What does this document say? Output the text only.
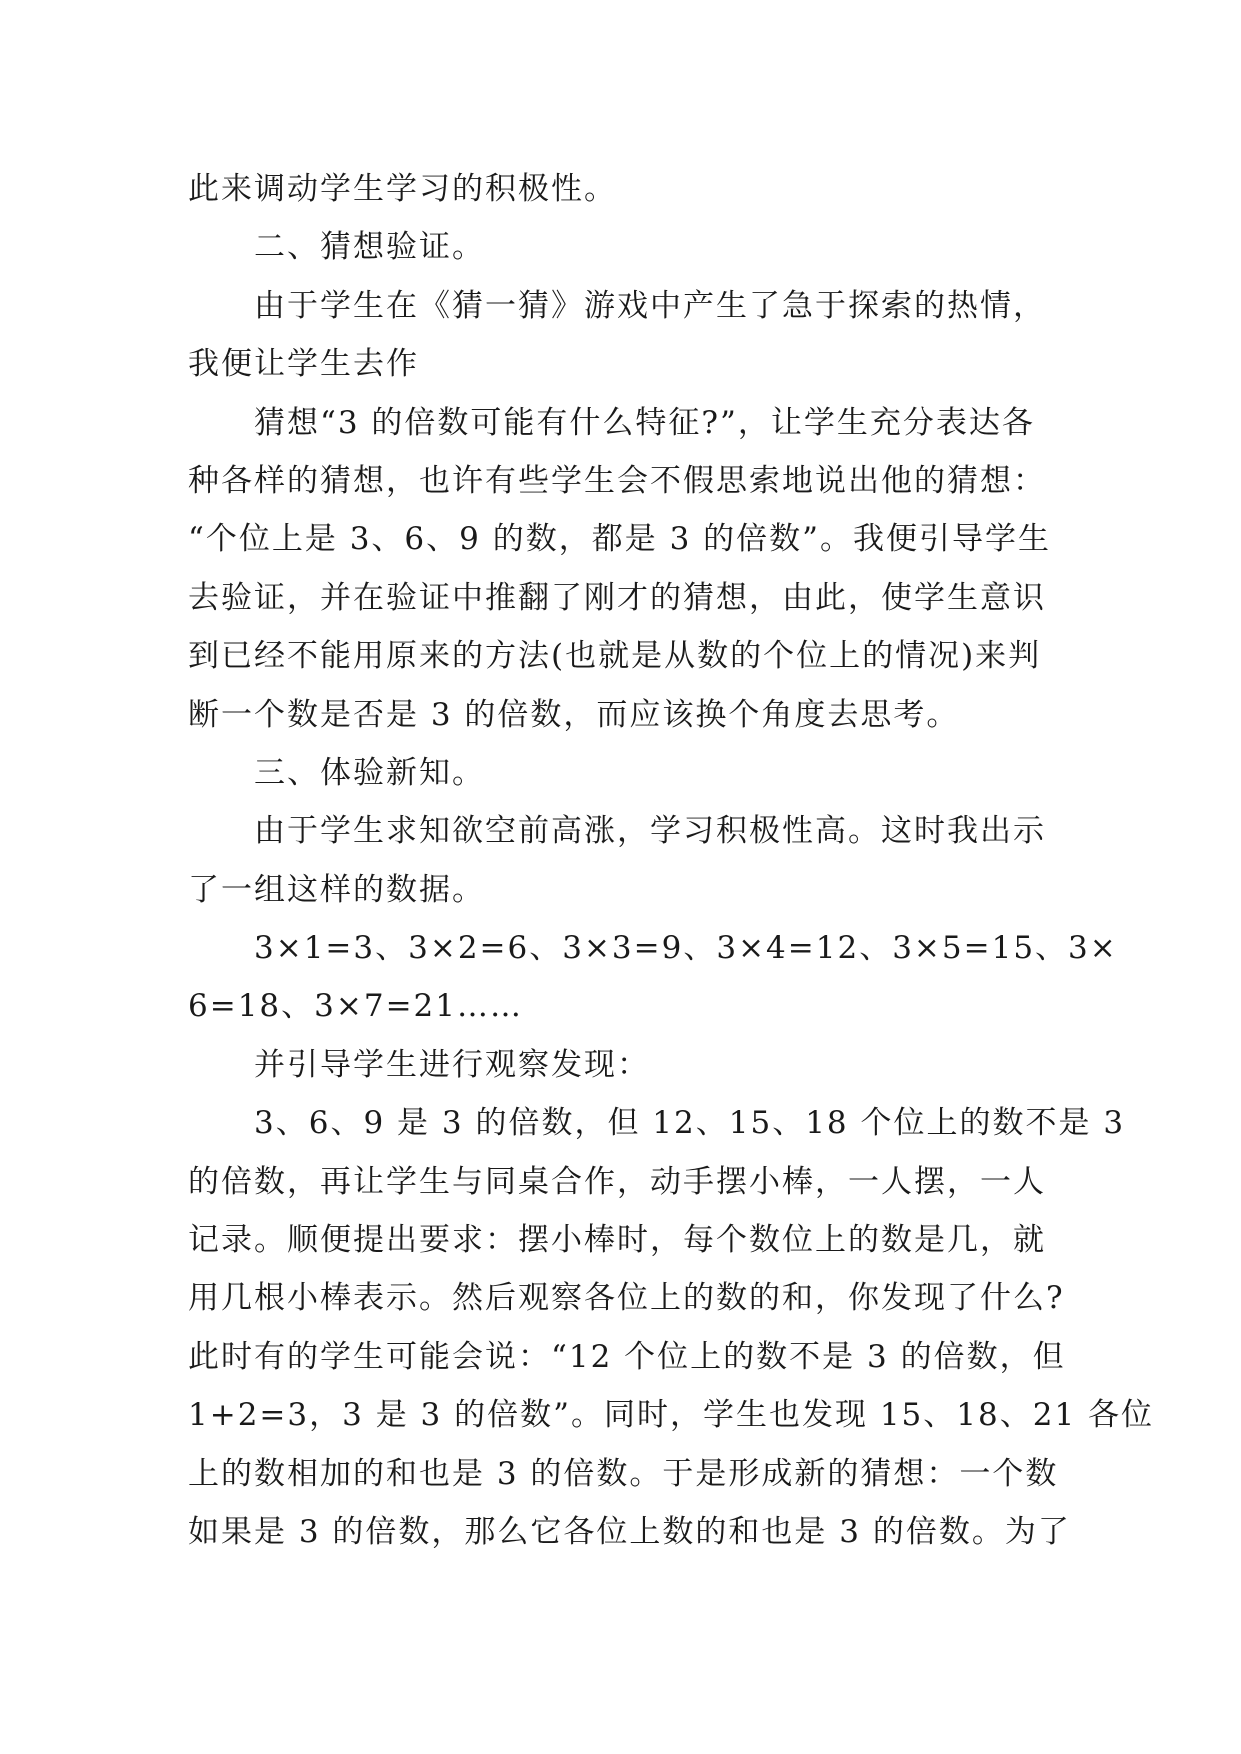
此来调动学生学习的积极性。
二、猜想验证。
由于学生在《猜一猜》游戏中产生了急于探索的热情，
我便让学生去作
猜想“3 的倍数可能有什么特征?”，让学生充分表达各
种各样的猜想，也许有些学生会不假思索地说出他的猜想：
“个位上是 3、6、9 的数，都是 3 的倍数”。我便引导学生
去验证，并在验证中推翻了刚才的猜想，由此，使学生意识
到已经不能用原来的方法(也就是从数的个位上的情况)来判
断一个数是否是 3 的倍数，而应该换个角度去思考。
三、体验新知。
由于学生求知欲空前高涨，学习积极性高。这时我出示
了一组这样的数据。
3×1=3、3×2=6、3×3=9、3×4=12、3×5=15、3×
6=18、3×7=21……
并引导学生进行观察发现：
3、6、9 是 3 的倍数，但 12、15、18 个位上的数不是 3
的倍数，再让学生与同桌合作，动手摆小棒，一人摆，一人
记录。顺便提出要求：摆小棒时，每个数位上的数是几，就
用几根小棒表示。然后观察各位上的数的和，你发现了什么?
此时有的学生可能会说：“12 个位上的数不是 3 的倍数，但
1+2=3，3 是 3 的倍数”。同时，学生也发现 15、18、21 各位
上的数相加的和也是 3 的倍数。于是形成新的猜想：一个数
如果是 3 的倍数，那么它各位上数的和也是 3 的倍数。为了
